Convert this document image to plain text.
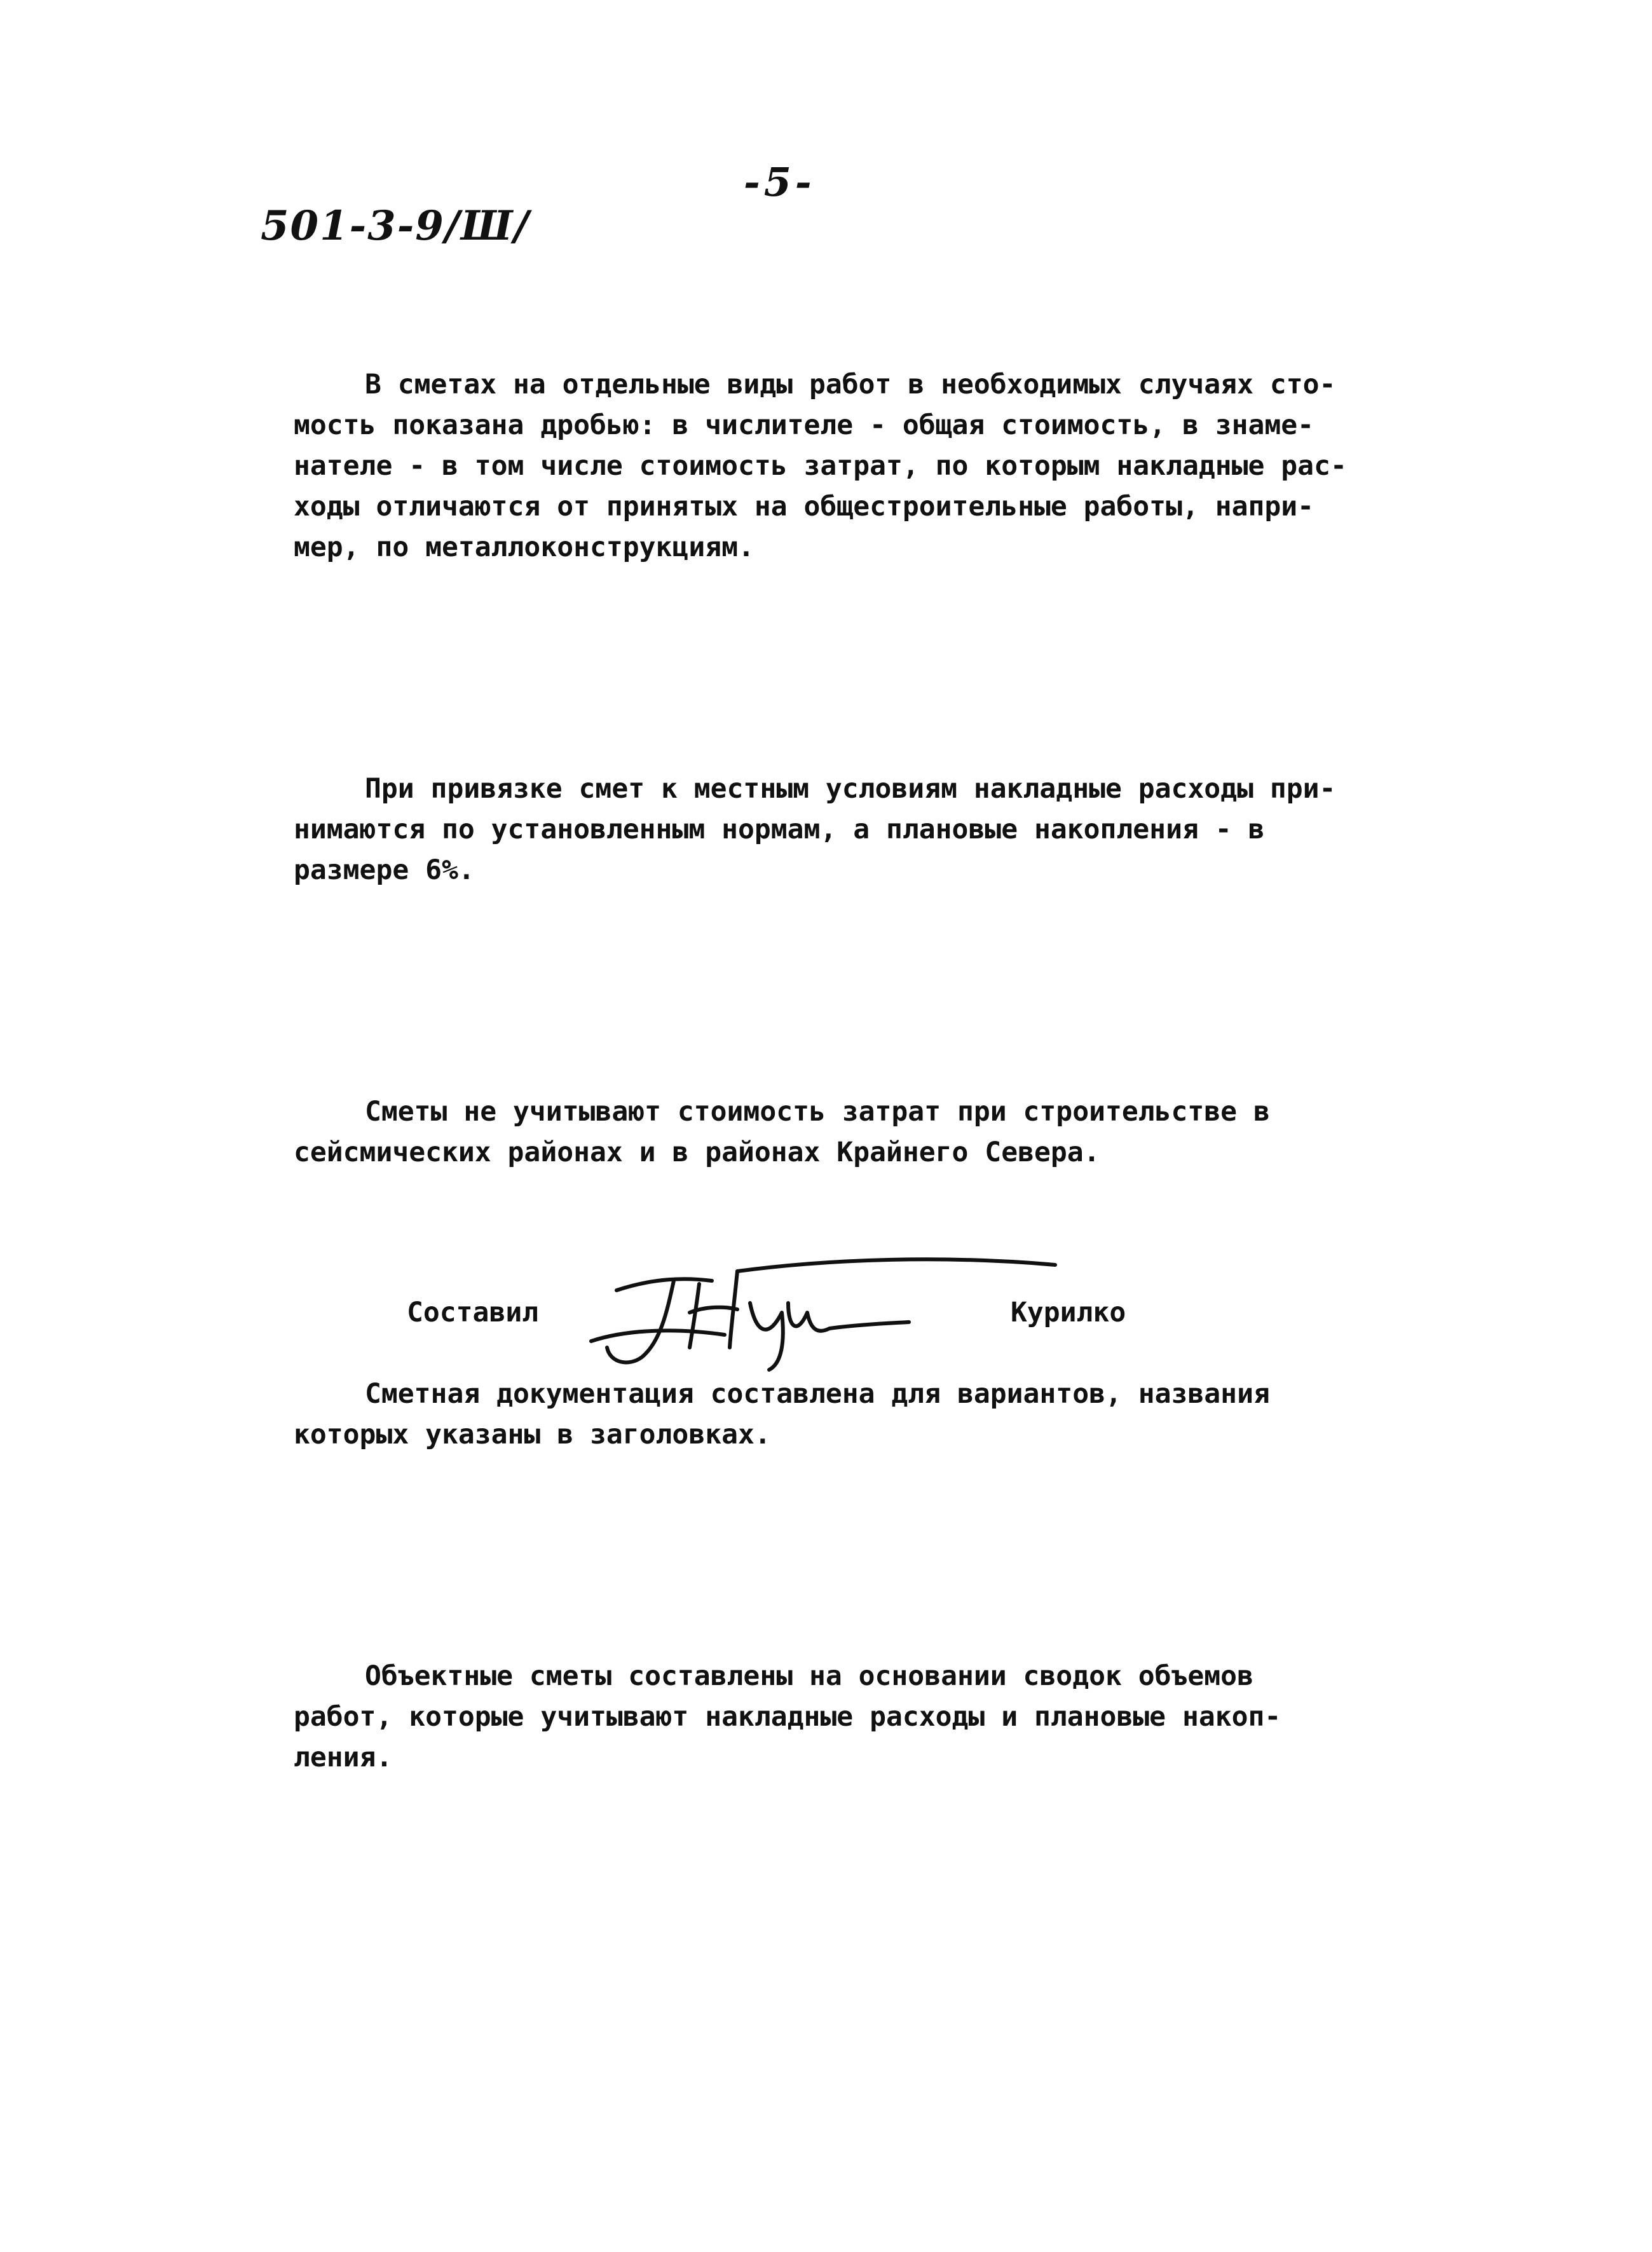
-5-
501-3-9/Ш/

В сметах на отдельные виды работ в необходимых случаях сто-
мость показана дробью: в числителе - общая стоимость, в знаме-
нателе - в том числе стоимость затрат, по которым накладные рас-
ходы отличаются от принятых на общестроительные работы, напри-
мер, по металлоконструкциям.

При привязке смет к местным условиям накладные расходы при-
нимаются по установленным нормам, а плановые накопления - в
размере 6%.

Сметы не учитывают стоимость затрат при строительстве в
сейсмических районах и в районах Крайнего Севера.

Сметная документация составлена для вариантов, названия
которых указаны в заголовках.

Объектные сметы составлены на основании сводок объемов
работ, которые учитывают накладные расходы и плановые накоп-
ления.

Составил	Курилко
